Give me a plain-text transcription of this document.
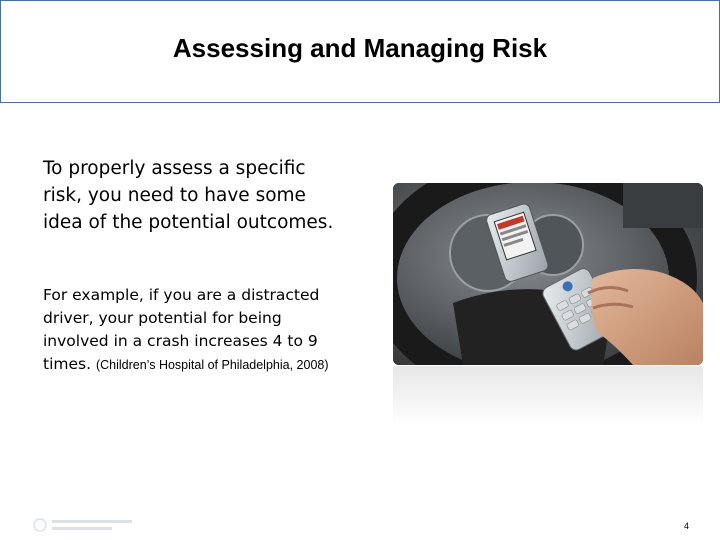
Assessing and Managing Risk
To properly assess a specific risk, you need to have some idea of the potential outcomes.
For example, if you are a distracted driver, your potential for being involved in a crash increases 4 to 9 times. (Children’s Hospital of Philadelphia, 2008)
4
